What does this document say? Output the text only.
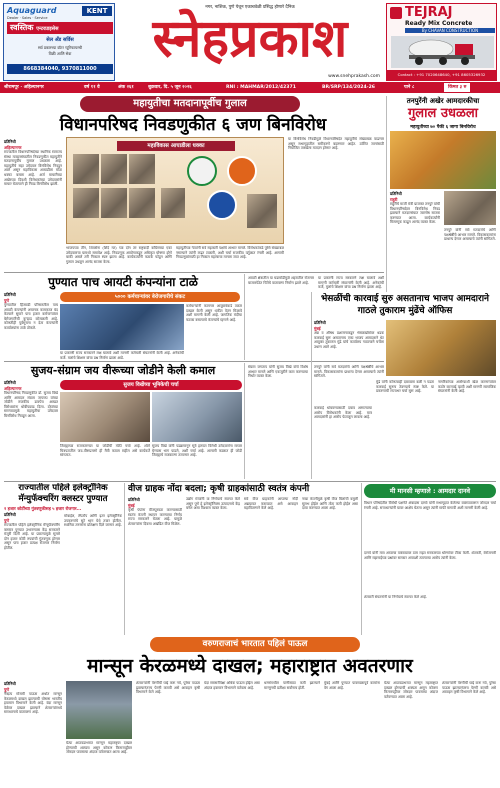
Aquaguard	KENT
Dealer · Sales · Service
स्वस्तिक एन्टरप्राइसेस
सेल अँड सर्विस
सर्व प्रकारच्या वॉटर प्युरिफायरची
विक्री आणि सेवा
8668384040, 9370811000
नगर, नाशिक, पुणे येथून एकाचवेळी प्रसिद्ध होणारे दैनिक
स्नेहप्रकाश
www.snehprakash.com
TEJRAJ
Ready Mix Concrete
By CHAVAN CONSTRUCTION
Contact : +91 7020648640, +91 8605326932
श्रीरामपूर · अहिल्यानगर	वर्ष ११ वे	अंक २६१	शुक्रवार, दि. ५ जून २०२६	RNI : MAHMAR/2012/42371	BR/SRP/134/2024-26	पाने ८	किंमत ३ रु
महायुतीचा मतदानापूर्वीच गुलाल
विधानपरिषद निवडणुकीत ६ जण बिनविरोध
प्रतिनिधी
अहिल्यानगर
राज्यातील विधानपरिषदेच्या स्थानिक स्वराज्य संस्था मतदारसंघातील निवडणुकीत महायुतीने मतदानापूर्वीच गुलाल उधळला आहे. महायुतीचे सहा उमेदवार बिनविरोध निवडून आले असून महाविकास आघाडीला मोठा धक्का बसला आहे. अर्ज माघारीच्या अखेरच्या दिवशी विरोधकांच्या उमेदवारांनी माघार घेतल्याने ही निवड बिनविरोध झाली.
महाविकास आघाडीला धक्का
भाजपच्या तीन, शिवसेना (शिंदे गट) च्या दोन तर राष्ट्रवादी काँग्रेसच्या एका उमेदवाराचा यामध्ये समावेश आहे. निवडणूक आयोगाकडून अधिकृत घोषणा होणे बाकी असले तरी निकाल स्पष्ट झाला आहे. कार्यकर्त्यांनी फटाके फोडून आणि गुलाल उधळून आनंद साजरा केला.
महायुतीच्या नेत्यांनी सर्व सहकारी पक्षांचे आभार मानले. विरोधकांकडे पुरेसे संख्याबळ नसल्याने त्यांनी लढत टाळली, अशी चर्चा राजकीय वर्तुळात रंगली आहे. आगामी निवडणुकांसाठी हा निकाल महत्त्वाचा मानला जात आहे.
या बिनविरोध निवडीमुळे विधानपरिषदेत महायुतीचे संख्याबळ वाढणार असून सभागृहातील समीकरणे बदलणार आहेत. उर्वरित जागांसाठी नियोजित तारखेला मतदान होणार आहे.
तनपुरेंनी अखेर आमदारकीचा
गुलाल उधळला
महायुतीच्या ७० पैकी ६ जागा बिनविरोध
प्रतिनिधी
राहुरी
राहुरीचे माजी मंत्री प्राजक्त तनपुरे यांची विधानपरिषदेवर बिनविरोध निवड झाल्याने मतदारसंघात जल्लोष साजरा करण्यात आला. कार्यकर्त्यांनी मिरवणूक काढून आनंद व्यक्त केला.
तनपुरे यांनी सर्व मतदारांचे आणि पक्षश्रेष्ठींचे आभार मानले. विकासकामांना प्राधान्य देणार असल्याचे त्यांनी सांगितले.
पुण्यात पाच आयटी कंपन्यांना टाळे
५००० कर्मचाऱ्यांवर बेरोजगारीचे संकट
प्रतिनिधी
पुणे
पुण्यातील हिंजवडी परिसरातील पाच आयटी कंपन्यांनी अचानक कामकाज बंद केल्याने सुमारे पाच हजार कर्मचाऱ्यांवर बेरोजगारीची कुऱ्हाड कोसळली आहे. कोणतीही पूर्वसूचना न देता कंपन्यांनी कार्यालयांना टाळे ठोकले.
कर्मचाऱ्यांनी कामगार आयुक्तांकडे तक्रार दाखल केली असून थकीत वेतन मिळावे अशी मागणी केली आहे. जागतिक मंदीचा फटका बसल्याचे कंपन्यांचे म्हणणे आहे.
या प्रकरणी राज्य सरकारने लक्ष घालावे अशी मागणी कर्मचारी संघटनांनी केली आहे. अनेकांची कर्जे, मुलांचे शिक्षण यांचा प्रश्न निर्माण झाला आहे.
आयटी क्षेत्रातील या घडामोडीमुळे शहरातील रोजगार बाजारपेठेत चिंतेचे वातावरण निर्माण झाले आहे.
या प्रकरणी राज्य सरकारने लक्ष घालावे अशी मागणी कर्मचारी संघटनांनी केली आहे. अनेकांची कर्जे, मुलांचे शिक्षण यांचा प्रश्न निर्माण झाला आहे.
सुजय-संग्राम जय वीरूच्या जोडीने केली कमाल
सुजय विखेंच्या भूमिकेची चर्चा
प्रतिनिधी
अहिल्यानगर
विधानपरिषद निवडणुकीत डॉ. सुजय विखे आणि आमदार संग्राम जगताप यांच्या जोडीने राजकीय डावपेच आखत विरोधकांना धोबीपछाड दिला. दोघांच्या समन्वयामुळे महायुतीचा उमेदवार बिनविरोध निवडून आला.
जिल्ह्याच्या राजकारणात या जोडीची मोठी चर्चा आहे. शोले चित्रपटातील जय-वीरूप्रमाणे ही मैत्री कायम राहील असे कार्यकर्ते सांगतात.
सुजय विखे यांनी पडद्यामागून सूत्रे हलवत विरोधी उमेदवारांना माघार घेण्यास भाग पाडले, अशी चर्चा आहे. आगामी काळात ही जोडी जिल्ह्याचे राजकारण ठरवणार आहे.
संग्राम जगताप यांनी सुजय विखे यांचे विशेष आभार मानले आणि एकजुटीने काम करण्याचा निर्धार व्यक्त केला.
तनपुरे यांनी सर्व मतदारांचे आणि पक्षश्रेष्ठींचे आभार मानले. विकासकामांना प्राधान्य देणार असल्याचे त्यांनी सांगितले.
भेसळींची कारवाई सुरु असतानाच भाजप आमदाराने गाठले तुकाराम मुंढेंचे ऑफिस
प्रतिनिधी
मुंबई
अन्न व औषध प्रशासनाकडून भेसळखोरांवर धडक कारवाई सुरू असतानाच एका भाजप आमदाराने थेट आयुक्त तुकाराम मुंढे यांचे कार्यालय गाठल्याने चर्चेला उधाण आले आहे.
कारवाई थांबवण्यासाठी दबाव आणल्याचा आरोप विरोधकांनी केला आहे. मात्र आमदारांनी हा आरोप फेटाळून लावला आहे.
मुंढे यांनी कोणत्याही दबावाला बळी न पडता कारवाई सुरूच ठेवण्याचे स्पष्ट केले. या प्रकरणाची राज्यभर चर्चा सुरू आहे.
नागरिकांच्या आरोग्याशी खेळ करणाऱ्यांवर कठोर कारवाई व्हावी अशी मागणी सामाजिक संघटनांनी केली आहे.
राज्यातील पहिले इलेक्ट्रॉनिक मॅन्युफॅक्चरिंग क्लस्टर पुण्यात
२ हजार कोटींच्या गुंतवणुकीसह ५ हजार रोजगार...
प्रतिनिधी
पुणे
राज्यातील पहिले इलेक्ट्रॉनिक मॅन्युफॅक्चरिंग क्लस्टर पुण्यात उभारण्यास केंद्र सरकारने मंजुरी दिली आहे. या प्रकल्पामुळे सुमारे दोन हजार कोटी रुपयांची गुंतवणूक होणार असून पाच हजार प्रत्यक्ष रोजगार निर्माण होतील.
मोबाईल, लॅपटॉप आणि इतर इलेक्ट्रॉनिक उपकरणांचे सुटे भाग येथे तयार होतील. स्थानिक तरुणांना प्रशिक्षण दिले जाणार आहे.
वीज ग्राहक नोंदा बदला; कृषी ग्राहकांसाठी स्वतंत्र कंपनी
प्रतिनिधी
मुंबई
कृषी पंपांना वीजपुरवठा करण्यासाठी स्वतंत्र कंपनी स्थापन करण्याचा निर्णय राज्य सरकारने घेतला आहे. यामुळे शेतकऱ्यांना दिवसा अखंडित वीज मिळेल.
उद्योग मंत्र्यांनी या निर्णयाचे स्वागत केले असून पुणे हे इलेक्ट्रॉनिक्स उत्पादनाचे केंद्र बनेल असा विश्वास व्यक्त केला.
सर्व वीज ग्राहकांनी आपल्या नोंदी अद्ययावत कराव्यात असे आवाहन महावितरणने केले आहे.
नव्या कंपनीमुळे कृषी वीज बिलांची वसुली सुलभ होईल आणि तोटा कमी होईल असा दावा करण्यात आला आहे.
मी मानसी म्हणाले : आमदार दानवे
विधान परिषदेतील विरोधी पक्षनेते अंबादास दानवे यांनी सभागृहात केलेल्या वक्तव्यावरून जोरदार चर्चा रंगली आहे. सत्ताधाऱ्यांनी यावर आक्षेप घेतला असून त्यांनी माफी मागावी अशी मागणी केली आहे.
दानवे यांनी मात्र आपल्या वक्तव्यावर ठाम राहत सरकारच्या धोरणांवर टीका केली. शेतकरी, बेरोजगारी आणि महागाईच्या प्रश्नांवर सरकार अपयशी ठरल्याचा आरोप त्यांनी केला.
शेतकरी संघटनांनी या निर्णयाचे स्वागत केले आहे.
वरुणराजाचं भारतात पहिलं पाऊल
मान्सून केरळमध्ये दाखल; महाराष्ट्रात अवतरणार
प्रतिनिधी
पुणे
नैऋत्य मोसमी पाऊस अर्थात मान्सून केरळमध्ये दाखल झाल्याची घोषणा भारतीय हवामान विभागाने केली आहे. यंदा मान्सून वेळेवर दाखल झाल्याने शेतकऱ्यांमध्ये समाधानाचे वातावरण आहे.
येत्या आठवडाभरात मान्सून महाराष्ट्रात दाखल होण्याची शक्यता असून कोकण किनारपट्टीवर जोरदार पावसाचा अंदाज वर्तवण्यात आला आहे.
शेतकऱ्यांनी पेरणीची घाई करू नये, पुरेसा पाऊस झाल्यानंतरच पेरणी करावी असे आवाहन कृषी विभागाने केले आहे.
यंदा सरासरीपेक्षा अधिक पाऊस होईल असा अंदाज हवामान विभागाने वर्तवला आहे.
धरणांमधील पाणीसाठा कमी झाल्याने मान्सूनची प्रतीक्षा सर्वांनाच होती.
मुंबई आणि पुण्यात पावसाळापूर्व कामांना वेग आला आहे.
येत्या आठवडाभरात मान्सून महाराष्ट्रात दाखल होण्याची शक्यता असून कोकण किनारपट्टीवर जोरदार पावसाचा अंदाज वर्तवण्यात आला आहे.
शेतकऱ्यांनी पेरणीची घाई करू नये, पुरेसा पाऊस झाल्यानंतरच पेरणी करावी असे आवाहन कृषी विभागाने केले आहे.
